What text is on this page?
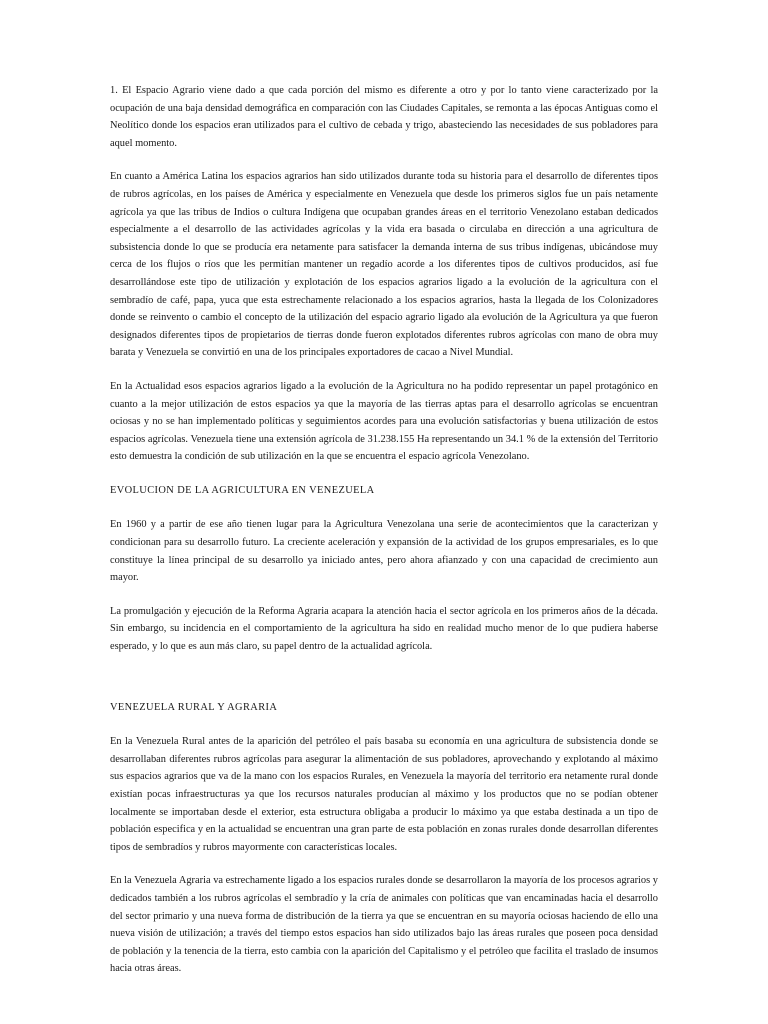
1. El Espacio Agrario viene dado a que cada porción del mismo es diferente a otro y por lo tanto viene caracterizado por la ocupación de una baja densidad demográfica en comparación con las Ciudades Capitales, se remonta a las épocas Antiguas como el Neolítico donde los espacios eran utilizados para el cultivo de cebada y trigo, abasteciendo las necesidades de sus pobladores para aquel momento.

En cuanto a América Latina los espacios agrarios han sido utilizados durante toda su historia para el desarrollo de diferentes tipos de rubros agrícolas, en los países de América y especialmente en Venezuela que desde los primeros siglos fue un país netamente agrícola ya que las tribus de Indios o cultura Indígena que ocupaban grandes áreas en el territorio Venezolano estaban dedicados especialmente a el desarrollo de las actividades agrícolas y la vida era basada o circulaba en dirección a una agricultura de subsistencia donde lo que se producía era netamente para satisfacer la demanda interna de sus tribus indígenas, ubicándose muy cerca de los flujos o ríos que les permitían mantener un regadío acorde a los diferentes tipos de cultivos producidos, así fue desarrollándose este tipo de utilización y explotación de los espacios agrarios ligado a la evolución de la agricultura con el sembradío de café, papa, yuca que esta estrechamente relacionado a los espacios agrarios, hasta la llegada de los Colonizadores donde se reinvento o cambio el concepto de la utilización del espacio agrario ligado ala evolución de la Agricultura ya que fueron designados diferentes tipos de propietarios de tierras donde fueron explotados diferentes rubros agrícolas con mano de obra muy barata y Venezuela se convirtió en una de los principales exportadores de cacao a Nivel Mundial.

En la Actualidad esos espacios agrarios ligado a la evolución de la Agricultura no ha podido representar un papel protagónico en cuanto a la mejor utilización de estos espacios ya que la mayoría de las tierras aptas para el desarrollo agrícolas se encuentran ociosas y no se han implementado políticas y seguimientos acordes para una evolución satisfactorias y buena utilización de estos espacios agrícolas. Venezuela tiene una extensión agrícola de 31.238.155 Ha representando un 34.1 % de la extensión del Territorio esto demuestra la condición de sub utilización en la que se encuentra el espacio agrícola Venezolano.

EVOLUCION DE LA AGRICULTURA EN VENEZUELA

En 1960 y a partir de ese año tienen lugar para la Agricultura Venezolana una serie de acontecimientos que la caracterizan y condicionan para su desarrollo futuro. La creciente aceleración y expansión de la actividad de los grupos empresariales, es lo que constituye la línea principal de su desarrollo ya iniciado antes, pero ahora afianzado y con una capacidad de crecimiento aun mayor.

La promulgación y ejecución de la Reforma Agraria acapara la atención hacia el sector agrícola en los primeros años de la década. Sin embargo, su incidencia en el comportamiento de la agricultura ha sido en realidad mucho menor de lo que pudiera haberse esperado, y lo que es aun más claro, su papel dentro de la actualidad agrícola.

VENEZUELA RURAL Y AGRARIA

En la Venezuela Rural antes de la aparición del petróleo el país basaba su economía en una agricultura de subsistencia donde se desarrollaban diferentes rubros agrícolas para asegurar la alimentación de sus pobladores, aprovechando y explotando al máximo sus espacios agrarios que va de la mano con los espacios Rurales, en Venezuela la mayoría del territorio era netamente rural donde existían pocas infraestructuras ya que los recursos naturales producían al máximo y los productos que no se podían obtener localmente se importaban desde el exterior, esta estructura obligaba a producir lo máximo ya que estaba destinada a un tipo de población especifica y en la actualidad se encuentran una gran parte de esta población en zonas rurales donde desarrollan diferentes tipos de sembradíos y rubros mayormente con características locales.

En la Venezuela Agraria va estrechamente ligado a los espacios rurales donde se desarrollaron la mayoría de los procesos agrarios y dedicados también a los rubros agrícolas el sembradío y la cría de animales con políticas que van encaminadas hacia el desarrollo del sector primario y una nueva forma de distribución de la tierra ya que se encuentran en su mayoría ociosas haciendo de ello una nueva visión de utilización; a través del tiempo estos espacios han sido utilizados bajo las áreas rurales que poseen poca densidad de población y la tenencia de la tierra, esto cambia con la aparición del Capitalismo y el petróleo que facilita el traslado de insumos hacia otras áreas.
